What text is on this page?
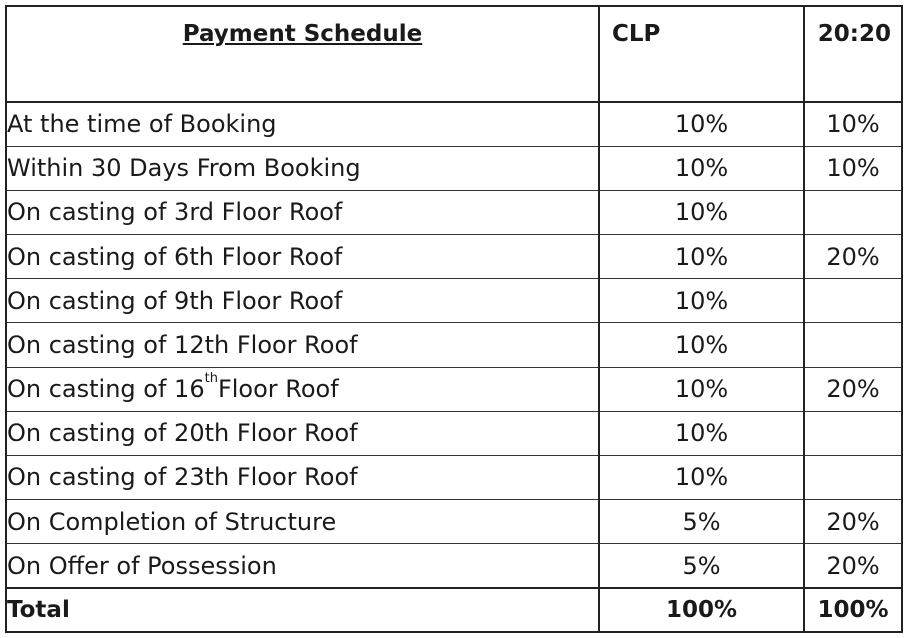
Payment Schedule	CLP	20:20
At the time of Booking	10%	10%
Within 30 Days From Booking	10%	10%
On casting of 3rd Floor Roof	10%	
On casting of 6th Floor Roof	10%	20%
On casting of 9th Floor Roof	10%	
On casting of 12th Floor Roof	10%	
On casting of 16thFloor Roof	10%	20%
On casting of 20th Floor Roof	10%	
On casting of 23th Floor Roof	10%	
On Completion of Structure	5%	20%
On Offer of Possession	5%	20%
Total	100%	100%
